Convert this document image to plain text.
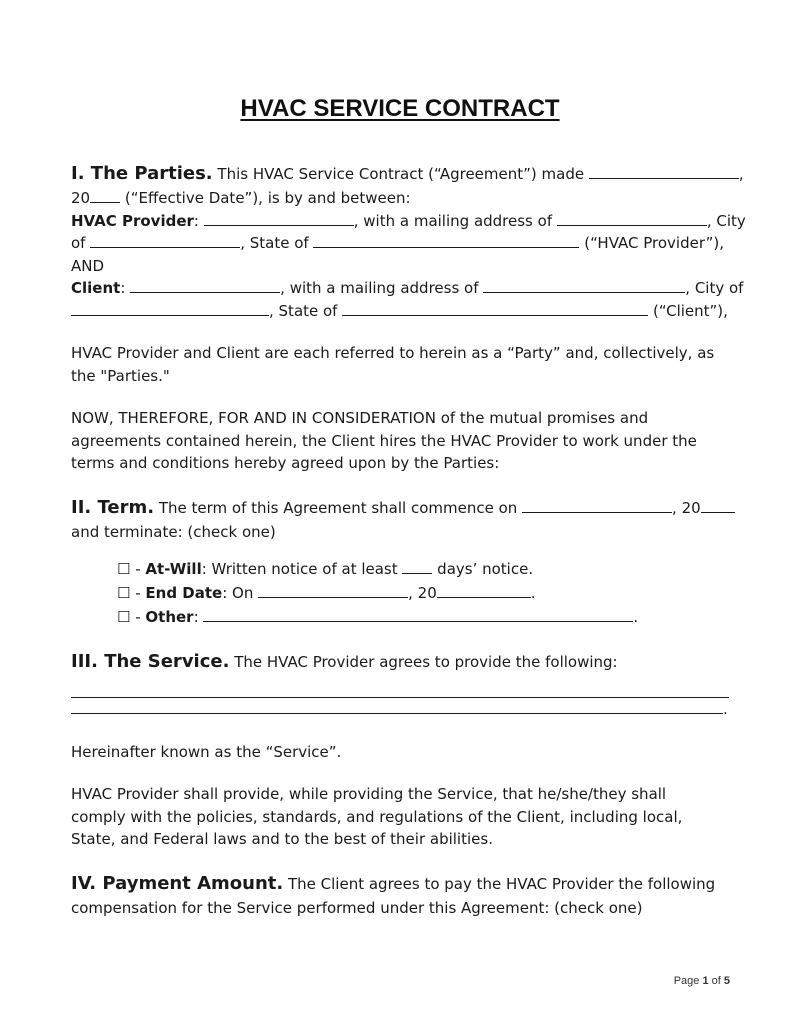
HVAC SERVICE CONTRACT
I. The Parties. This HVAC Service Contract (“Agreement”) made	,
20 (“Effective Date”), is by and between:
HVAC Provider:	, with a mailing address of	, City
of	, State of	(“HVAC Provider”),
AND
Client:	, with a mailing address of	, City of
, State of	(“Client”),
HVAC Provider and Client are each referred to herein as a “Party” and, collectively, as
the "Parties."
NOW, THEREFORE, FOR AND IN CONSIDERATION of the mutual promises and
agreements contained herein, the Client hires the HVAC Provider to work under the
terms and conditions hereby agreed upon by the Parties:
II. Term. The term of this Agreement shall commence on	, 20
and terminate: (check one)
☐ - At-Will: Written notice of at least  days’ notice.
☐ - End Date: On	, 20	.
☐ - Other:	.
III. The Service. The HVAC Provider agrees to provide the following:
.
Hereinafter known as the “Service”.
HVAC Provider shall provide, while providing the Service, that he/she/they shall
comply with the policies, standards, and regulations of the Client, including local,
State, and Federal laws and to the best of their abilities.
IV. Payment Amount. The Client agrees to pay the HVAC Provider the following
compensation for the Service performed under this Agreement: (check one)
Page 1 of 5
